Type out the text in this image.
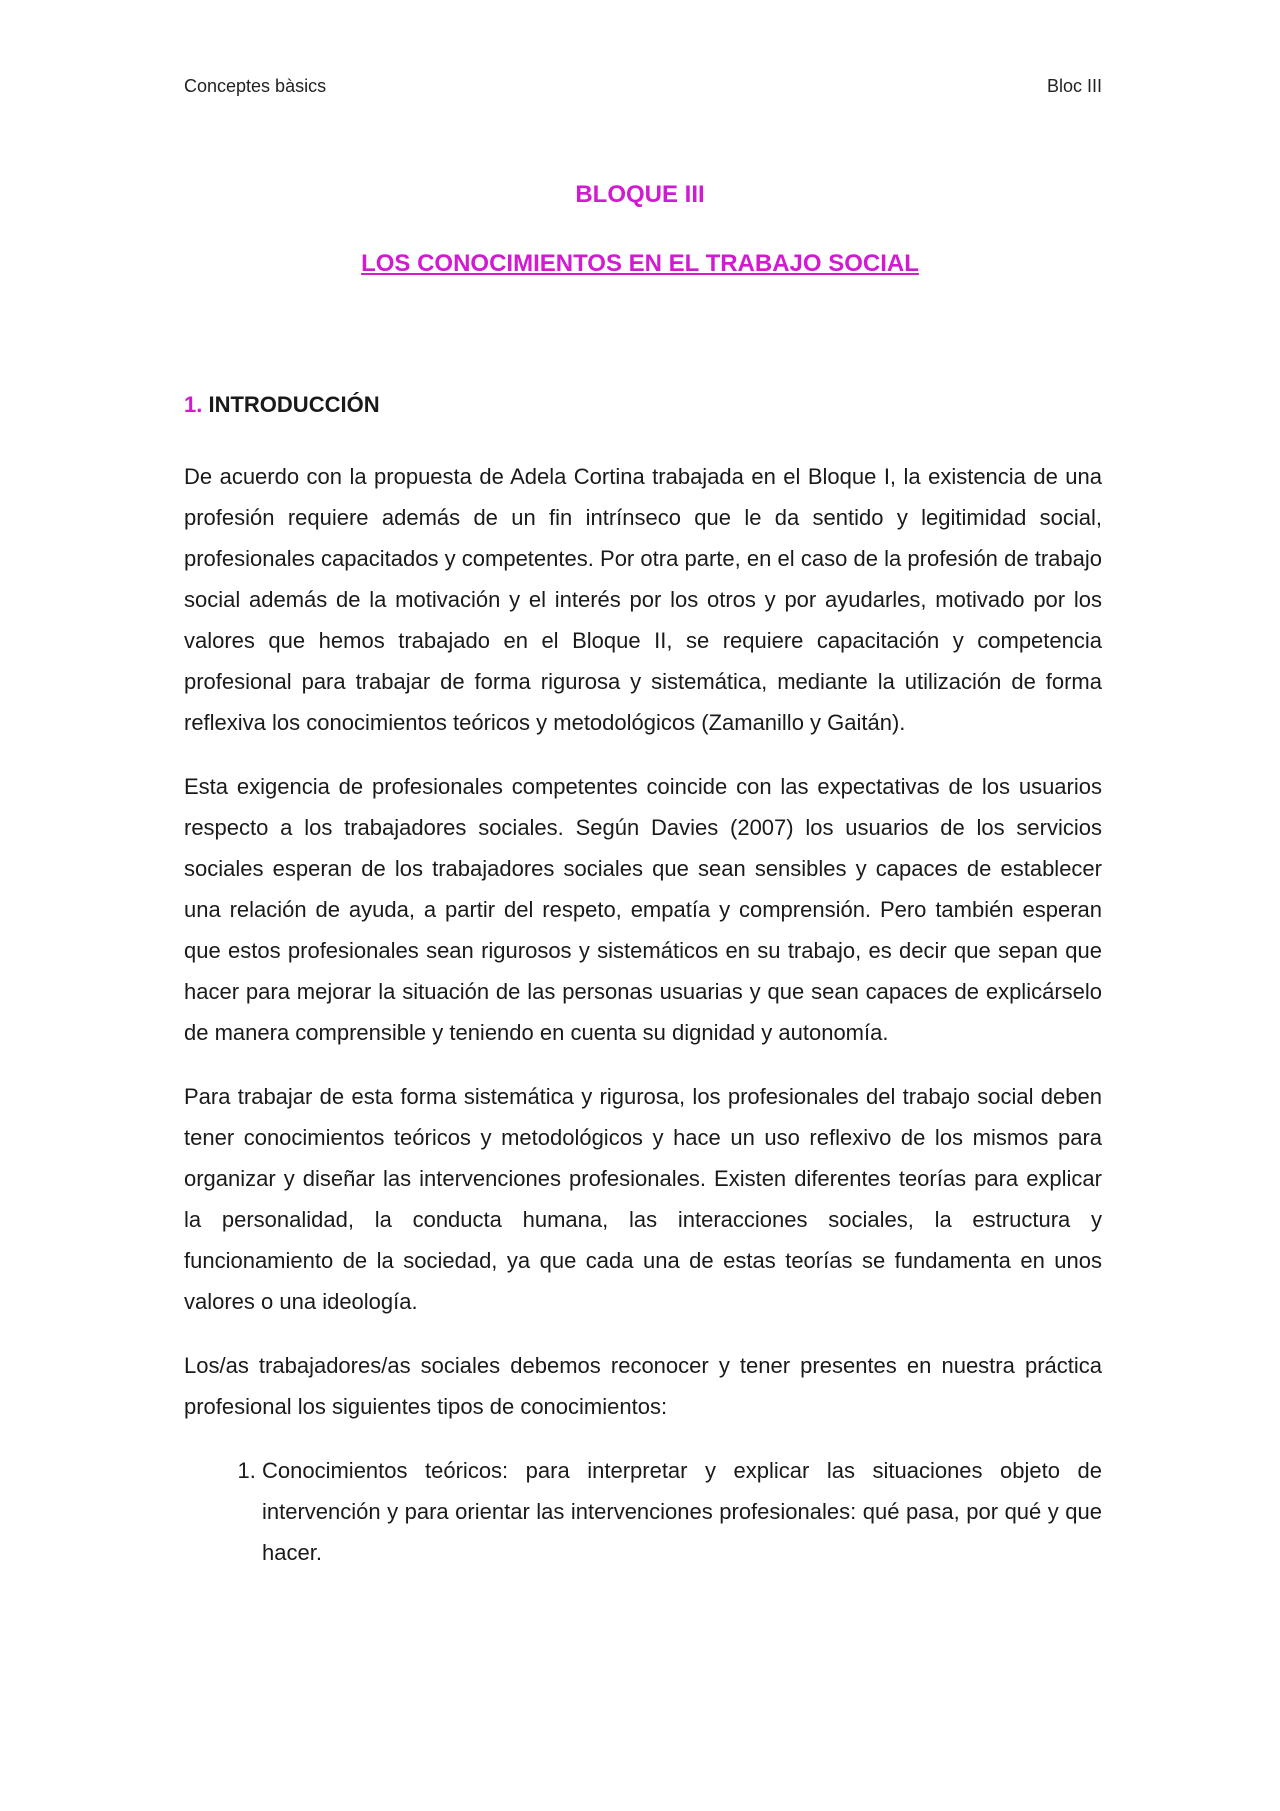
Conceptes bàsics	Bloc III
BLOQUE III
LOS CONOCIMIENTOS EN EL TRABAJO SOCIAL
1. INTRODUCCIÓN

De acuerdo con la propuesta de Adela Cortina trabajada en el Bloque I, la existencia de una profesión requiere además de un fin intrínseco que le da sentido y legitimidad social, profesionales capacitados y competentes. Por otra parte, en el caso de la profesión de trabajo social además de la motivación y el interés por los otros y por ayudarles, motivado por los valores que hemos trabajado en el Bloque II, se requiere capacitación y competencia profesional para trabajar de forma rigurosa y sistemática, mediante la utilización de forma reflexiva los conocimientos teóricos y metodológicos (Zamanillo y Gaitán).

Esta exigencia de profesionales competentes coincide con las expectativas de los usuarios respecto a los trabajadores sociales. Según Davies (2007) los usuarios de los servicios sociales esperan de los trabajadores sociales que sean sensibles y capaces de establecer una relación de ayuda, a partir del respeto, empatía y comprensión. Pero también esperan que estos profesionales sean rigurosos y sistemáticos en su trabajo, es decir que sepan que hacer para mejorar la situación de las personas usuarias y que sean capaces de explicárselo de manera comprensible y teniendo en cuenta su dignidad y autonomía.

Para trabajar de esta forma sistemática y rigurosa, los profesionales del trabajo social deben tener conocimientos teóricos y metodológicos y hace un uso reflexivo de los mismos para organizar y diseñar las intervenciones profesionales. Existen diferentes teorías para explicar la personalidad, la conducta humana, las interacciones sociales, la estructura y funcionamiento de la sociedad, ya que cada una de estas teorías se fundamenta en unos valores o una ideología.

Los/as trabajadores/as sociales debemos reconocer y tener presentes en nuestra práctica profesional los siguientes tipos de conocimientos:

1. Conocimientos teóricos: para interpretar y explicar las situaciones objeto de intervención y para orientar las intervenciones profesionales: qué pasa, por qué y que hacer.
